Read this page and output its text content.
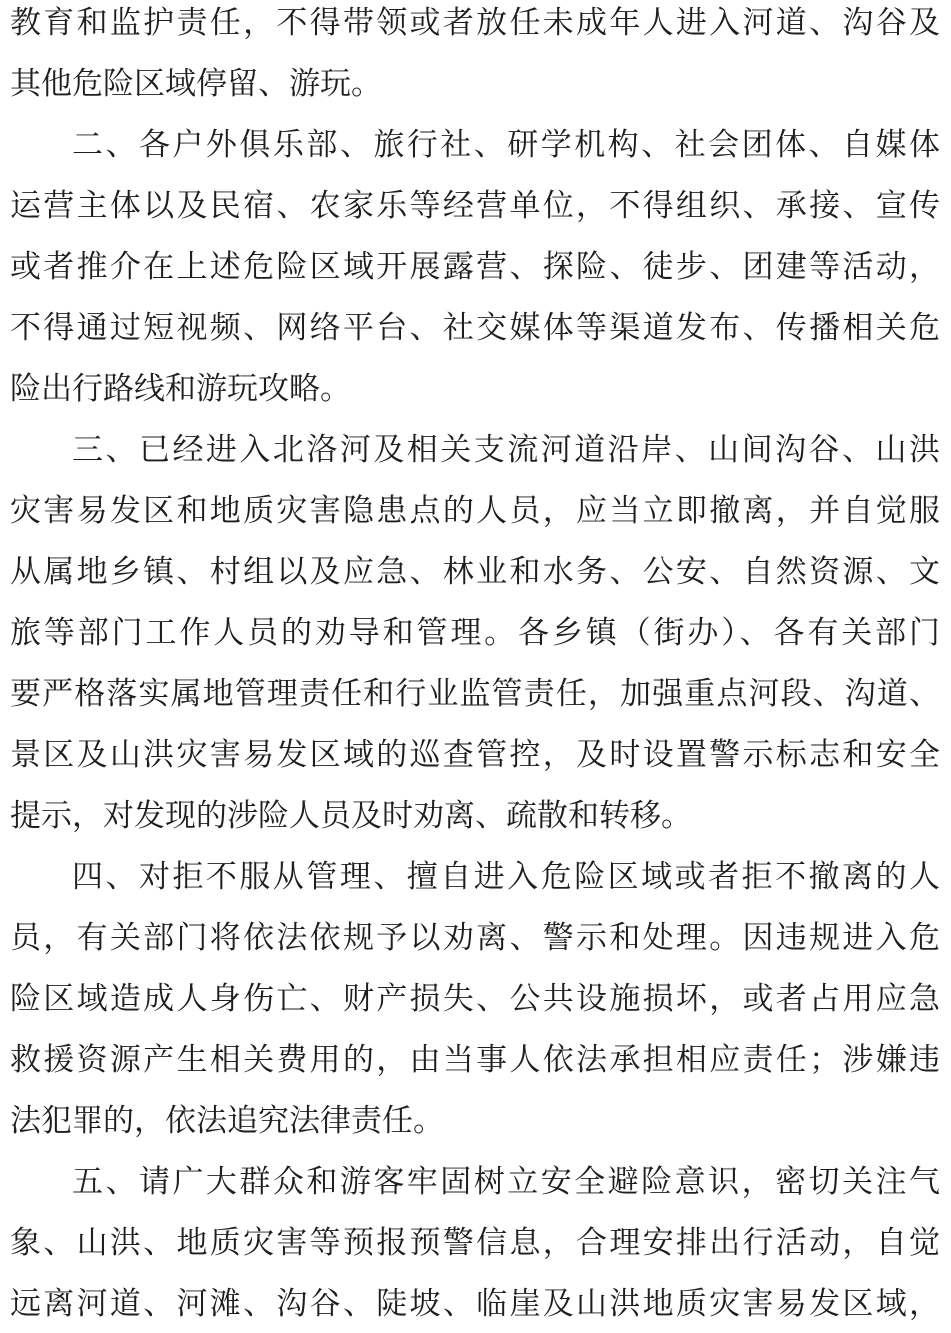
教育和监护责任，不得带领或者放任未成年人进入河道、沟谷及
其他危险区域停留、游玩。
二、各户外俱乐部、旅行社、研学机构、社会团体、自媒体
运营主体以及民宿、农家乐等经营单位，不得组织、承接、宣传
或者推介在上述危险区域开展露营、探险、徒步、团建等活动，
不得通过短视频、网络平台、社交媒体等渠道发布、传播相关危
险出行路线和游玩攻略。
三、已经进入北洛河及相关支流河道沿岸、山间沟谷、山洪
灾害易发区和地质灾害隐患点的人员，应当立即撤离，并自觉服
从属地乡镇、村组以及应急、林业和水务、公安、自然资源、文
旅等部门工作人员的劝导和管理。各乡镇（街办）、各有关部门
要严格落实属地管理责任和行业监管责任，加强重点河段、沟道、
景区及山洪灾害易发区域的巡查管控，及时设置警示标志和安全
提示，对发现的涉险人员及时劝离、疏散和转移。
四、对拒不服从管理、擅自进入危险区域或者拒不撤离的人
员，有关部门将依法依规予以劝离、警示和处理。因违规进入危
险区域造成人身伤亡、财产损失、公共设施损坏，或者占用应急
救援资源产生相关费用的，由当事人依法承担相应责任；涉嫌违
法犯罪的，依法追究法律责任。
五、请广大群众和游客牢固树立安全避险意识，密切关注气
象、山洪、地质灾害等预报预警信息，合理安排出行活动，自觉
远离河道、河滩、沟谷、陡坡、临崖及山洪地质灾害易发区域，
